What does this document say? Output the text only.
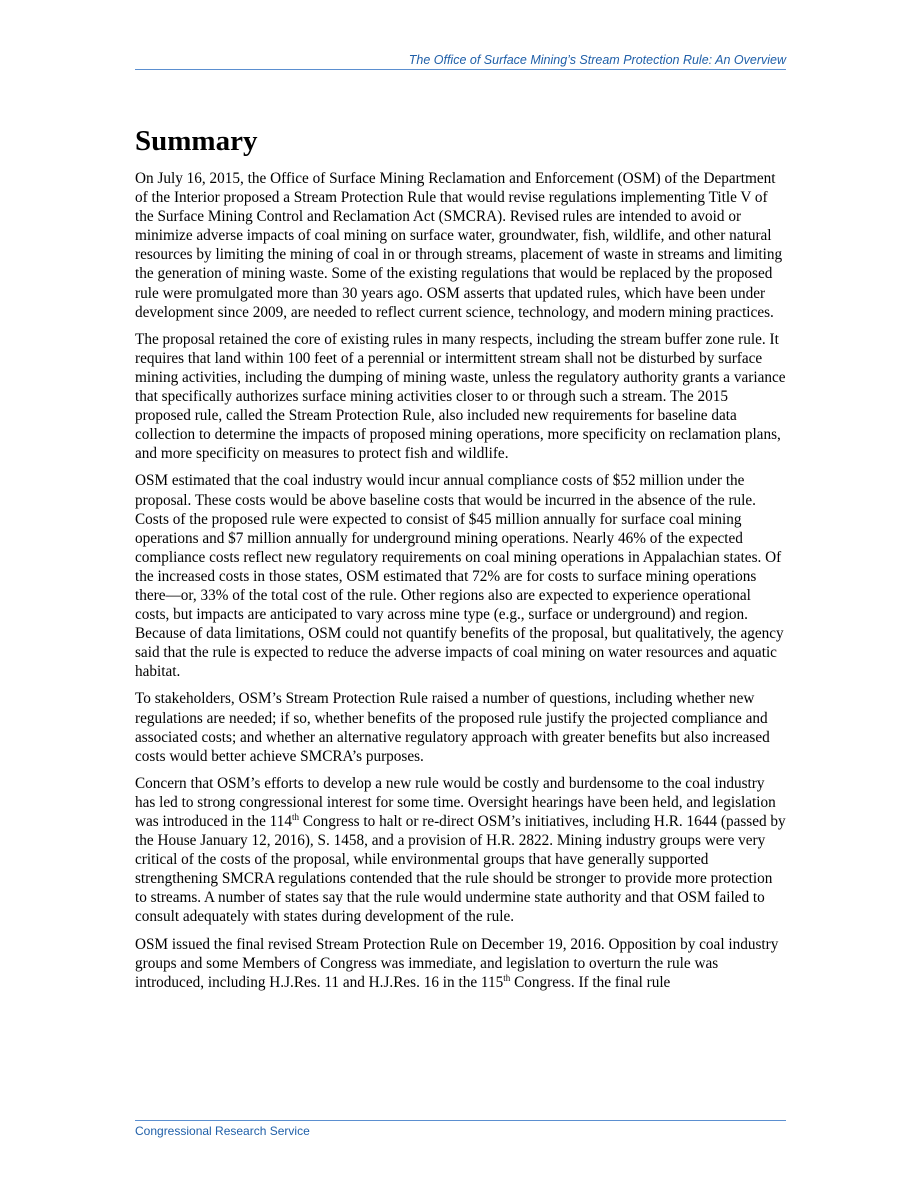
The Office of Surface Mining’s Stream Protection Rule: An Overview
Summary

On July 16, 2015, the Office of Surface Mining Reclamation and Enforcement (OSM) of the Department of the Interior proposed a Stream Protection Rule that would revise regulations implementing Title V of the Surface Mining Control and Reclamation Act (SMCRA). Revised rules are intended to avoid or minimize adverse impacts of coal mining on surface water, groundwater, fish, wildlife, and other natural resources by limiting the mining of coal in or through streams, placement of waste in streams and limiting the generation of mining waste. Some of the existing regulations that would be replaced by the proposed rule were promulgated more than 30 years ago. OSM asserts that updated rules, which have been under development since 2009, are needed to reflect current science, technology, and modern mining practices.

The proposal retained the core of existing rules in many respects, including the stream buffer zone rule. It requires that land within 100 feet of a perennial or intermittent stream shall not be disturbed by surface mining activities, including the dumping of mining waste, unless the regulatory authority grants a variance that specifically authorizes surface mining activities closer to or through such a stream. The 2015 proposed rule, called the Stream Protection Rule, also included new requirements for baseline data collection to determine the impacts of proposed mining operations, more specificity on reclamation plans, and more specificity on measures to protect fish and wildlife.

OSM estimated that the coal industry would incur annual compliance costs of $52 million under the proposal. These costs would be above baseline costs that would be incurred in the absence of the rule. Costs of the proposed rule were expected to consist of $45 million annually for surface coal mining operations and $7 million annually for underground mining operations. Nearly 46% of the expected compliance costs reflect new regulatory requirements on coal mining operations in Appalachian states. Of the increased costs in those states, OSM estimated that 72% are for costs to surface mining operations there—or, 33% of the total cost of the rule. Other regions also are expected to experience operational costs, but impacts are anticipated to vary across mine type (e.g., surface or underground) and region. Because of data limitations, OSM could not quantify benefits of the proposal, but qualitatively, the agency said that the rule is expected to reduce the adverse impacts of coal mining on water resources and aquatic habitat.

To stakeholders, OSM’s Stream Protection Rule raised a number of questions, including whether new regulations are needed; if so, whether benefits of the proposed rule justify the projected compliance and associated costs; and whether an alternative regulatory approach with greater benefits but also increased costs would better achieve SMCRA’s purposes.

Concern that OSM’s efforts to develop a new rule would be costly and burdensome to the coal industry has led to strong congressional interest for some time. Oversight hearings have been held, and legislation was introduced in the 114th Congress to halt or re-direct OSM’s initiatives, including H.R. 1644 (passed by the House January 12, 2016), S. 1458, and a provision of H.R. 2822. Mining industry groups were very critical of the costs of the proposal, while environmental groups that have generally supported strengthening SMCRA regulations contended that the rule should be stronger to provide more protection to streams. A number of states say that the rule would undermine state authority and that OSM failed to consult adequately with states during development of the rule.

OSM issued the final revised Stream Protection Rule on December 19, 2016. Opposition by coal industry groups and some Members of Congress was immediate, and legislation to overturn the rule was introduced, including H.J.Res. 11 and H.J.Res. 16 in the 115th Congress. If the final rule

Congressional Research Service
